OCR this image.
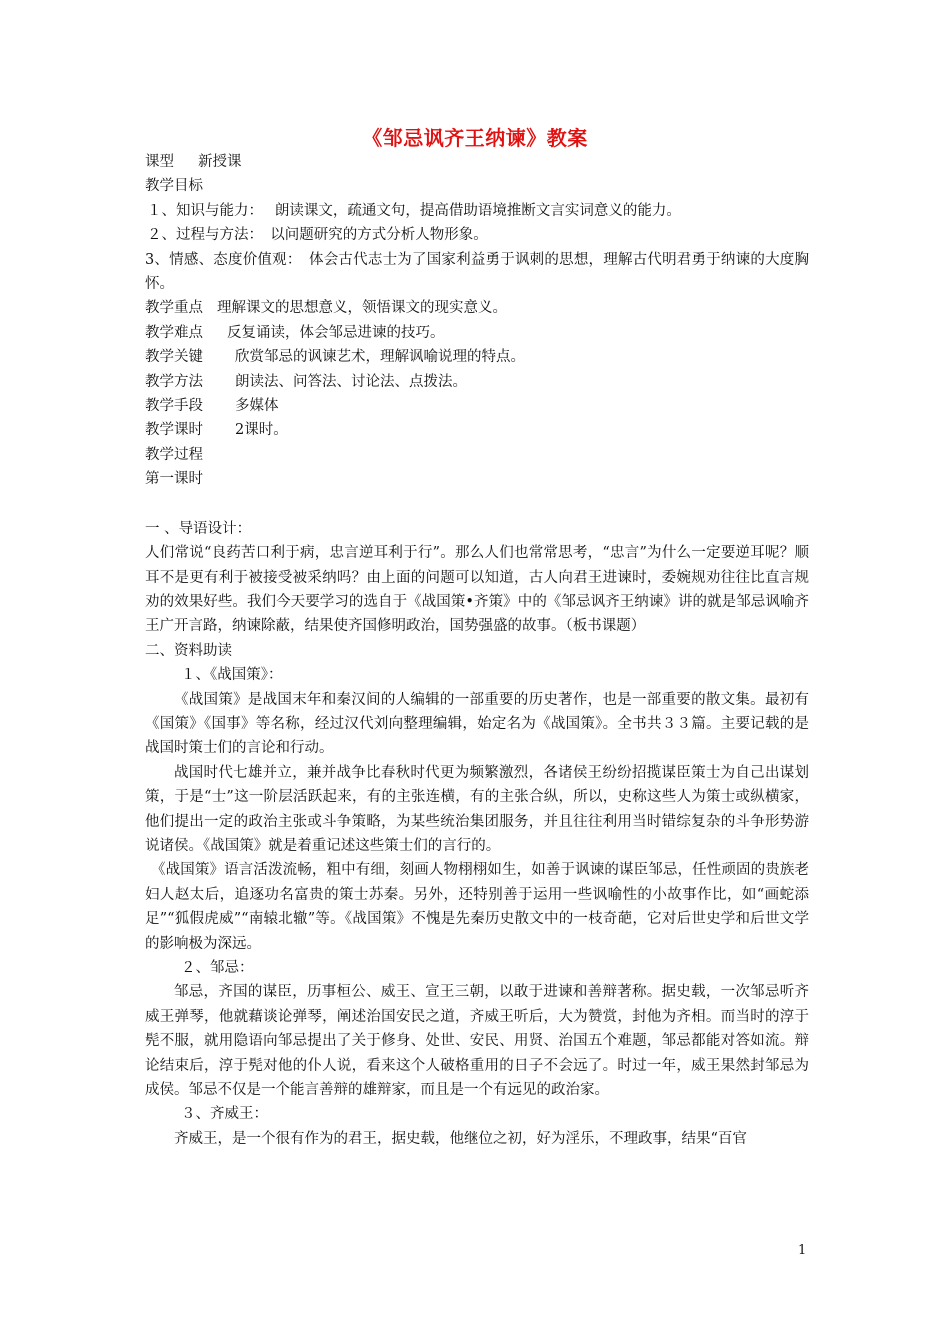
《邹忌讽齐王纳谏》教案

课型 新授课

教学目标

１、知识与能力：　 朗读课文，疏通文句，提高借助语境推断文言实词意义的能力。

２、过程与方法：　以问题研究的方式分析人物形象。

3、情感、态度价值观：　体会古代志士为了国家利益勇于讽刺的思想，理解古代明君勇于纳谏的大度胸怀。

教学重点 理解课文的思想意义，领悟课文的现实意义。

教学难点 反复诵读，体会邹忌进谏的技巧。

教学关键 欣赏邹忌的讽谏艺术，理解讽喻说理的特点。

教学方法 朗读法、问答法、讨论法、点拨法。

教学手段 多媒体

教学课时 2课时。

教学过程

第一课时

一 、导语设计：

人们常说“良药苦口利于病，忠言逆耳利于行”。那么人们也常常思考，“忠言”为什么一定要逆耳呢？顺耳不是更有利于被接受被采纳吗？由上面的问题可以知道，古人向君王进谏时，委婉规劝往往比直言规劝的效果好些。我们今天要学习的选自于《战国策•齐策》中的《邹忌讽齐王纳谏》讲的就是邹忌讽喻齐王广开言路，纳谏除蔽，结果使齐国修明政治，国势强盛的故事。（板书课题）

二、资料助读

１、《战国策》：

《战国策》是战国末年和秦汉间的人编辑的一部重要的历史著作，也是一部重要的散文集。最初有《国策》《国事》等名称，经过汉代刘向整理编辑，始定名为《战国策》。全书共３３篇。主要记载的是战国时策士们的言论和行动。

战国时代七雄并立，兼并战争比春秋时代更为频繁激烈，各诸侯王纷纷招揽谋臣策士为自己出谋划策，于是“士”这一阶层活跃起来，有的主张连横，有的主张合纵，所以，史称这些人为策士或纵横家，他们提出一定的政治主张或斗争策略，为某些统治集团服务，并且往往利用当时错综复杂的斗争形势游说诸侯。《战国策》就是着重记述这些策士们的言行的。

《战国策》语言活泼流畅，粗中有细，刻画人物栩栩如生，如善于讽谏的谋臣邹忌，任性顽固的贵族老妇人赵太后，追逐功名富贵的策士苏秦。另外，还特别善于运用一些讽喻性的小故事作比，如“画蛇添足”“狐假虎威”“南辕北辙”等。《战国策》不愧是先秦历史散文中的一枝奇葩，它对后世史学和后世文学的影响极为深远。

２、邹忌：

邹忌，齐国的谋臣，历事桓公、威王、宣王三朝，以敢于进谏和善辩著称。据史载，一次邹忌听齐威王弹琴，他就藉谈论弹琴，阐述治国安民之道，齐威王听后，大为赞赏，封他为齐相。而当时的淳于髡不服，就用隐语向邹忌提出了关于修身、处世、安民、用贤、治国五个难题，邹忌都能对答如流。辩论结束后，淳于髡对他的仆人说，看来这个人破格重用的日子不会远了。时过一年，威王果然封邹忌为成侯。邹忌不仅是一个能言善辩的雄辩家，而且是一个有远见的政治家。

３、齐威王：

齐威王，是一个很有作为的君王，据史载，他继位之初，好为淫乐，不理政事，结果“百官

1
